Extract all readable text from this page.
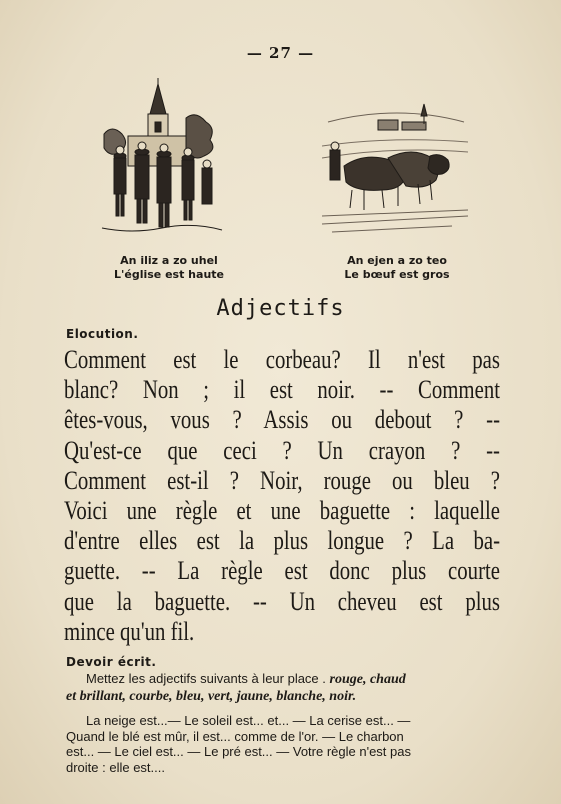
— 27 —
An iliz a zo uhel
L'église est haute
An ejen a zo teo
Le bœuf est gros
Adjectifs
Elocution.
Comment est le corbeau? Il n'est pas
blanc? Non ; il est noir. -- Comment
êtes-vous, vous ? Assis ou debout ? --
Qu'est-ce que ceci ? Un crayon ? --
Comment est-il ? Noir, rouge ou bleu ?
Voici une règle et une baguette : laquelle
d'entre elles est la plus longue ? La ba-
guette. -- La règle est donc plus courte
que la baguette. -- Un cheveu est plus
mince qu'un fil.
Devoir écrit.
Mettez les adjectifs suivants à leur place . rouge, chaud
et brillant, courbe, bleu, vert, jaune, blanche, noir.
La neige est...— Le soleil est... et... — La cerise est... —
Quand le blé est mûr, il est... comme de l'or. — Le charbon
est... — Le ciel est... — Le pré est... — Votre règle n'est pas
droite : elle est....
